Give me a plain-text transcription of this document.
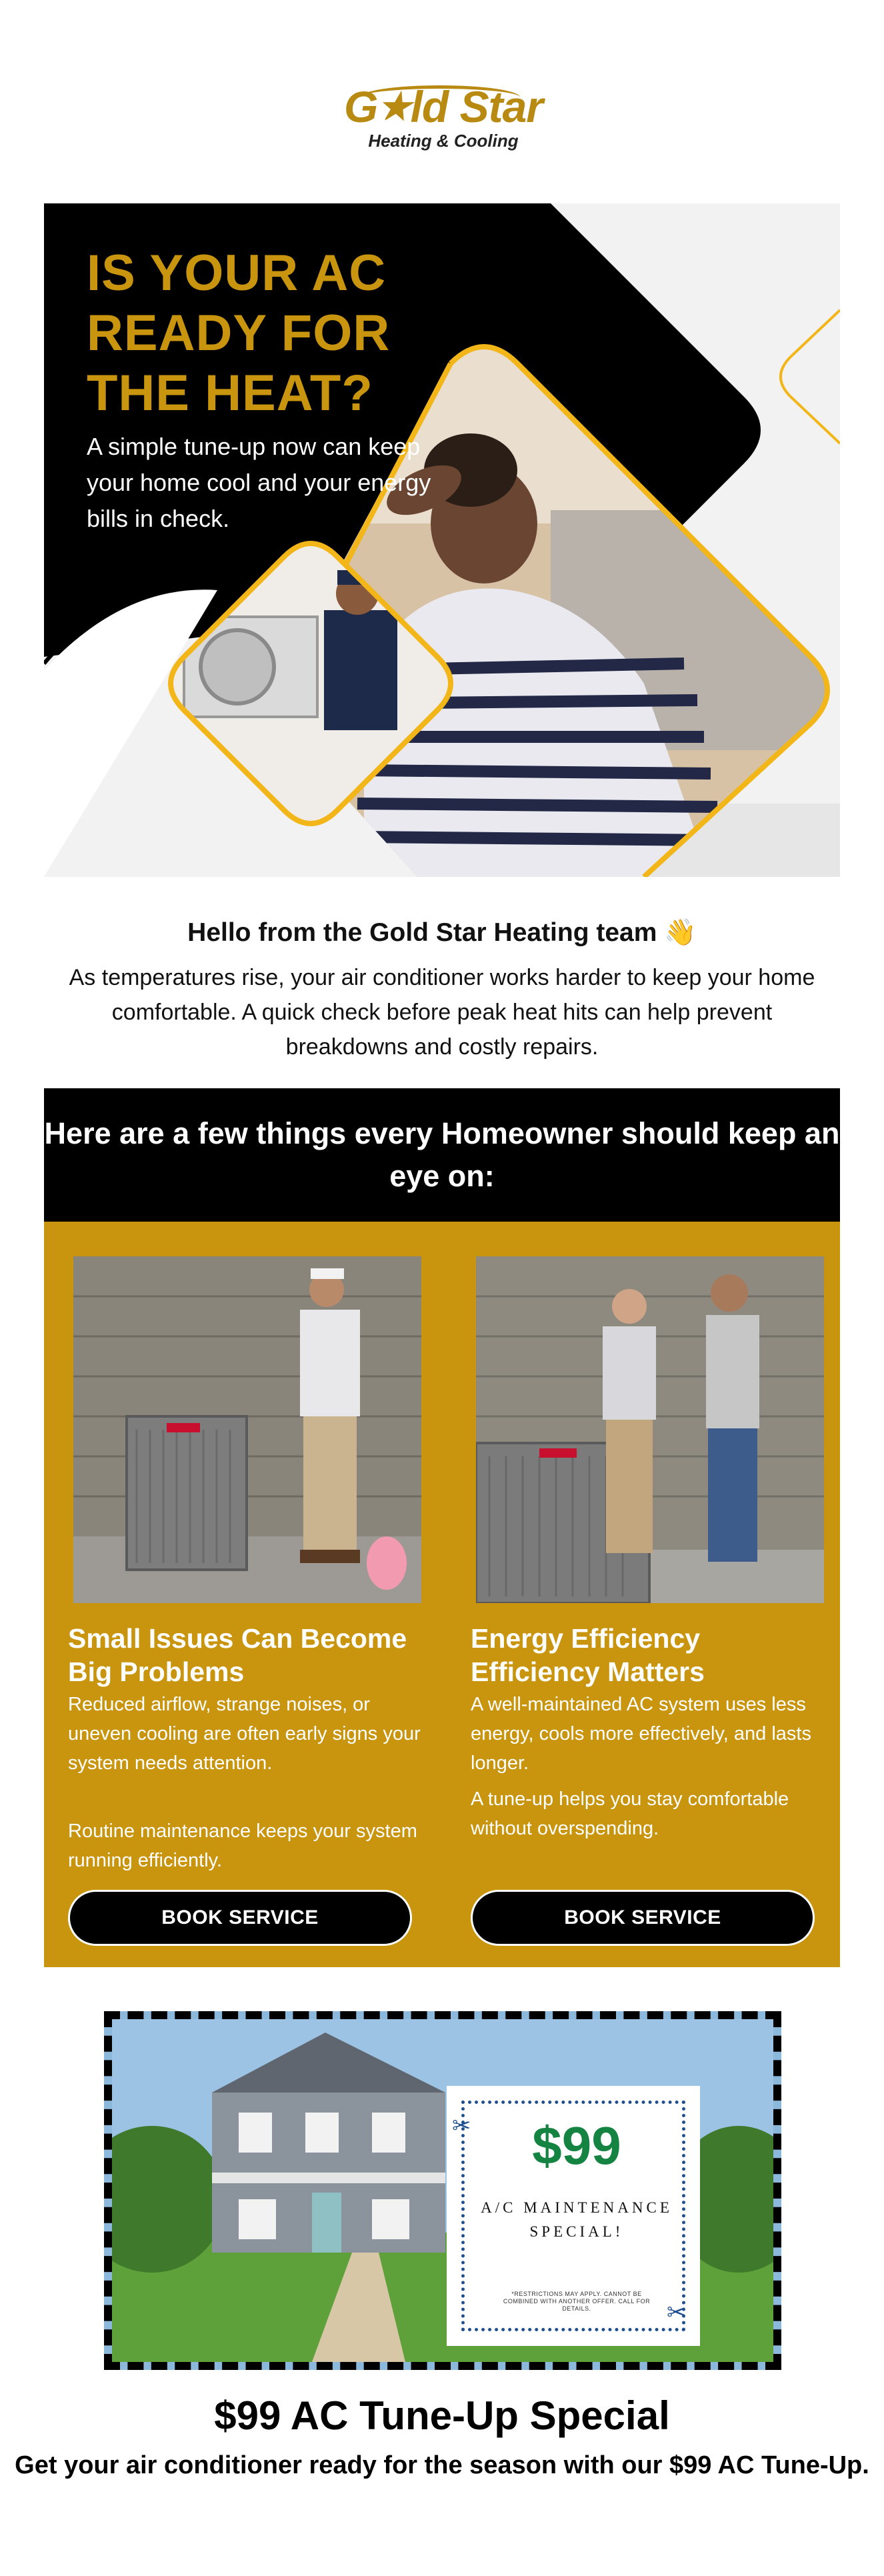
G★ld Star
Heating & Cooling
IS YOUR AC READY FOR THE HEAT?
A simple tune-up now can keep your home cool and your energy bills in check.
Hello from the Gold Star Heating team 👋
As temperatures rise, your air conditioner works harder to keep your home comfortable. A quick check before peak heat hits can help prevent breakdowns and costly repairs.
Here are a few things every Homeowner should keep an eye on:
Small Issues Can Become Big Problems
Reduced airflow, strange noises, or uneven cooling are often early signs your system needs attention.
Routine maintenance keeps your system running efficiently.
BOOK SERVICE
Energy Efficiency Efficiency Matters
A well-maintained AC system uses less energy, cools more effectively, and lasts longer.
A tune-up helps you stay comfortable without overspending.
BOOK SERVICE
$99
A/C MAINTENANCE SPECIAL!
*RESTRICTIONS MAY APPLY. CANNOT BE COMBINED WITH ANOTHER OFFER. CALL FOR DETAILS.
✂
✂
$99 AC Tune-Up Special
Get your air conditioner ready for the season with our $99 AC Tune-Up.
